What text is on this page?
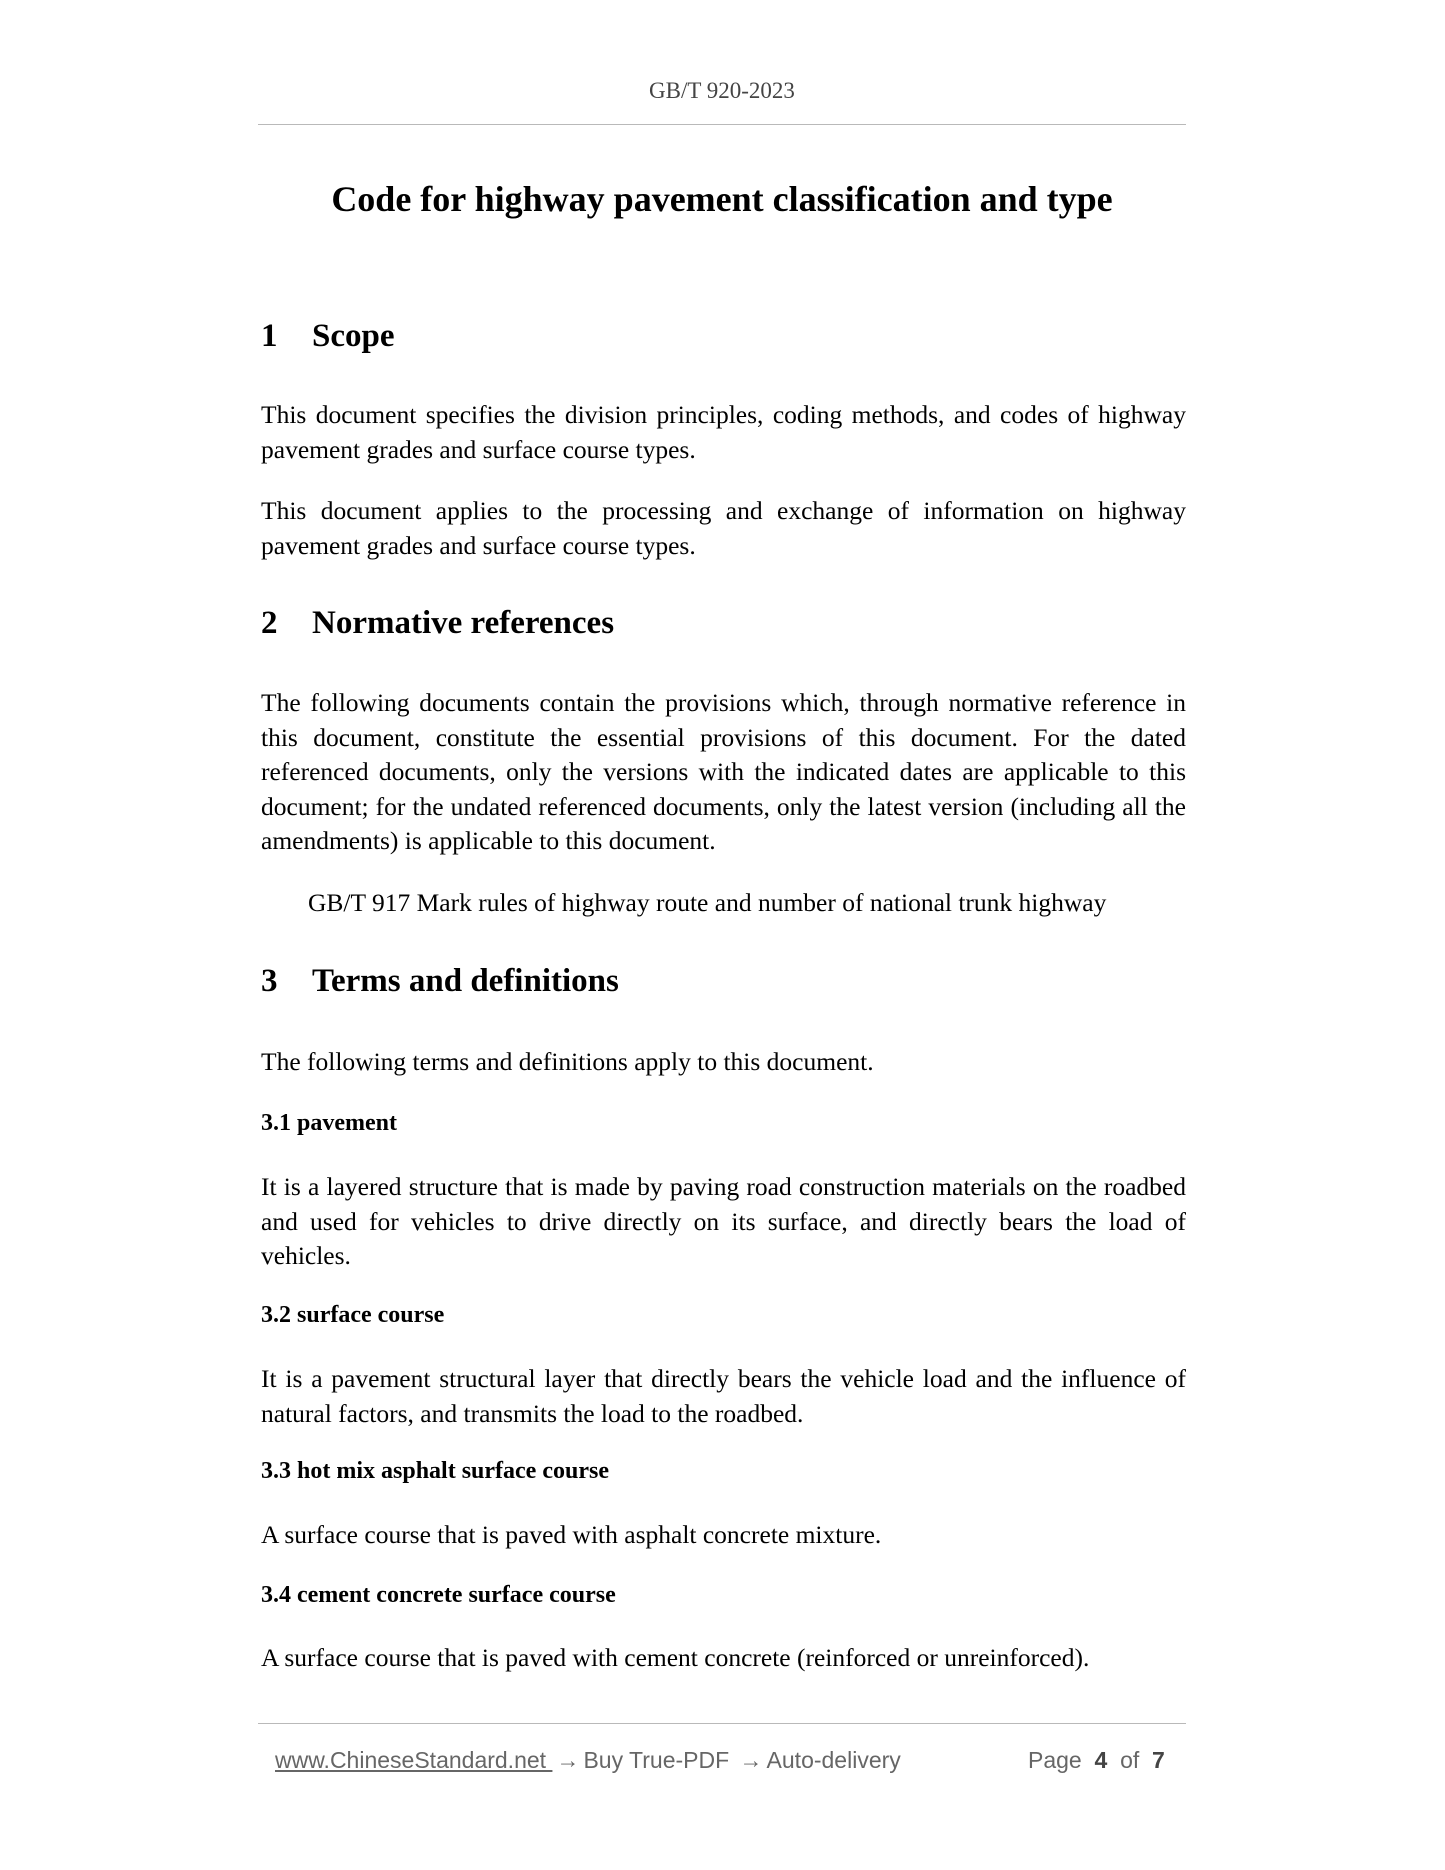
GB/T 920-2023
Code for highway pavement classification and type
1 Scope
This document specifies the division principles, coding methods, and codes of highway pavement grades and surface course types.
This document applies to the processing and exchange of information on highway pavement grades and surface course types.
2 Normative references
The following documents contain the provisions which, through normative reference in this document, constitute the essential provisions of this document. For the dated referenced documents, only the versions with the indicated dates are applicable to this document; for the undated referenced documents, only the latest version (including all the amendments) is applicable to this document.
GB/T 917 Mark rules of highway route and number of national trunk highway
3 Terms and definitions
The following terms and definitions apply to this document.
3.1 pavement
It is a layered structure that is made by paving road construction materials on the roadbed and used for vehicles to drive directly on its surface, and directly bears the load of vehicles.
3.2 surface course
It is a pavement structural layer that directly bears the vehicle load and the influence of natural factors, and transmits the load to the roadbed.
3.3 hot mix asphalt surface course
A surface course that is paved with asphalt concrete mixture.
3.4 cement concrete surface course
A surface course that is paved with cement concrete (reinforced or unreinforced).
www.ChineseStandard.net → Buy True-PDF → Auto-delivery	Page 4 of 7
